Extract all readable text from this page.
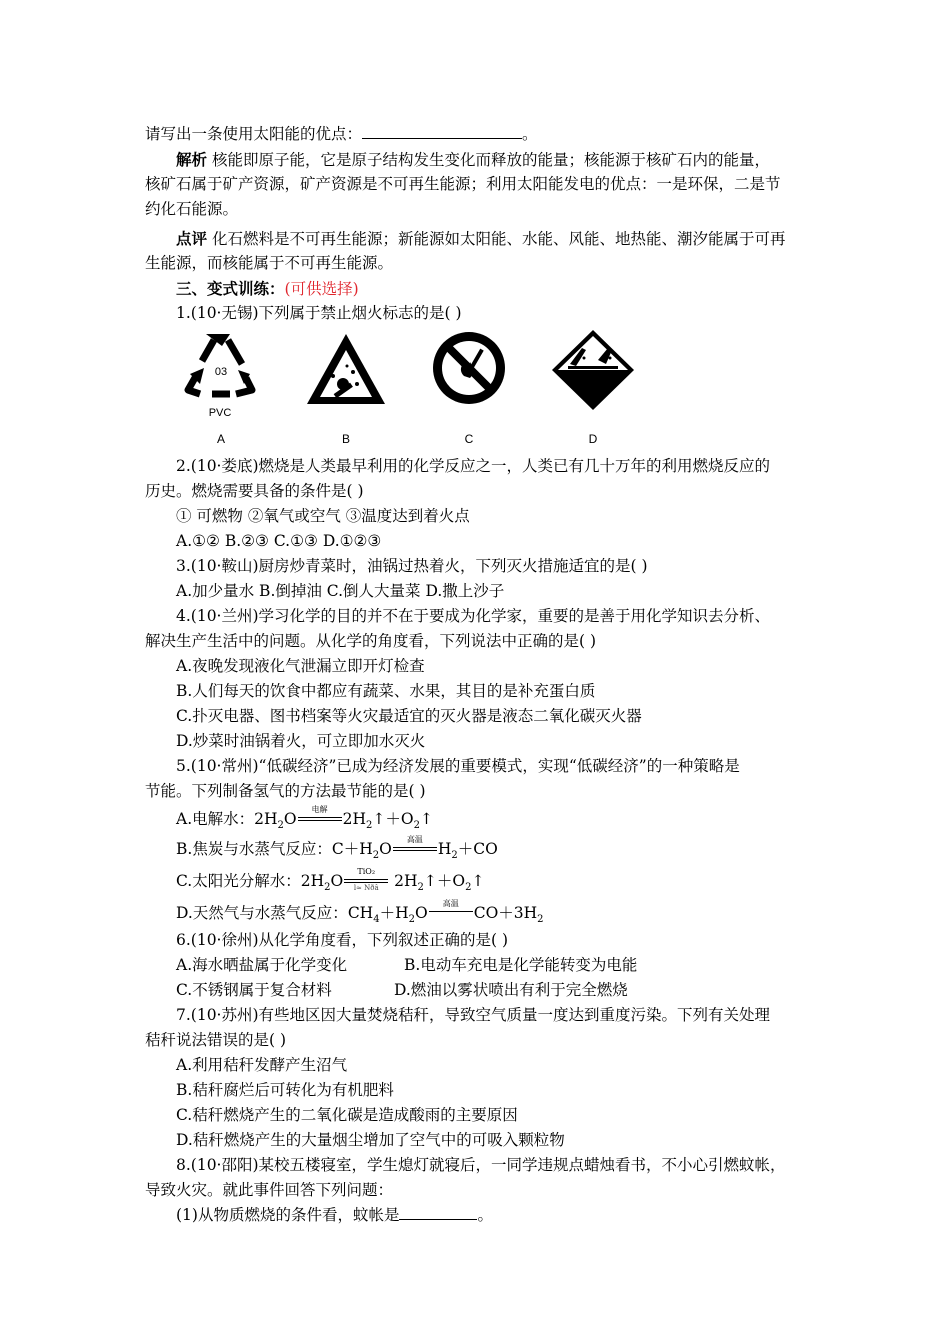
请写出一条使用太阳能的优点：	。
解析 核能即原子能，它是原子结构发生变化而释放的能量；核能源于核矿石内的能量，
核矿石属于矿产资源，矿产资源是不可再生能源；利用太阳能发电的优点：一是环保，二是节
约化石能源。
点评 化石燃料是不可再生能源；新能源如太阳能、水能、风能、地热能、潮汐能属于可再
生能源，而核能属于不可再生能源。
三、变式训练：(可供选择)
1.(10·无锡)下列属于禁止烟火标志的是( )
03
PVC
A	B	C	D
2.(10·娄底)燃烧是人类最早利用的化学反应之一，人类已有几十万年的利用燃烧反应的
历史。燃烧需要具备的条件是( )
① 可燃物 ②氧气或空气 ③温度达到着火点
A.①② B.②③ C.①③ D.①②③
3.(10·鞍山)厨房炒青菜时，油锅过热着火，下列灭火措施适宜的是( )
A.加少量水 B.倒掉油 C.倒人大量菜 D.撒上沙子
4.(10·兰州)学习化学的目的并不在于要成为化学家，重要的是善于用化学知识去分析、
解决生产生活中的问题。从化学的角度看，下列说法中正确的是( )
A.夜晚发现液化气泄漏立即开灯检查
B.人们每天的饮食中都应有蔬菜、水果，其目的是补充蛋白质
C.扑灭电器、图书档案等火灾最适宜的灭火器是液态二氧化碳灭火器
D.炒菜时油锅着火，可立即加水灭火
5.(10·常州)“低碳经济”已成为经济发展的重要模式，实现“低碳经济”的一种策略是
节能。下列制备氢气的方法最节能的是( )
A.电解水：$2H_2O$
电解
$2H_2↑+O_2↑$
B.焦炭与水蒸气反应：$C+H_2O$
高温
$H_2+CO$
C.太阳光分解水：$2H_2O$
TiO₂
l≈ Nðâ $2H_2↑+O_2↑$
D.天然气与水蒸气反应：$CH_4+H_2O$
高温
$CO+3H_2$
6.(10·徐州)从化学角度看，下列叙述正确的是( )
A.海水晒盐属于化学变化	B.电动车充电是化学能转变为电能
C.不锈钢属于复合材料	D.燃油以雾状喷出有利于完全燃烧
7.(10·苏州)有些地区因大量焚烧秸秆，导致空气质量一度达到重度污染。下列有关处理
秸秆说法错误的是( )
A.利用秸秆发酵产生沼气
B.秸秆腐烂后可转化为有机肥料
C.秸秆燃烧产生的二氧化碳是造成酸雨的主要原因
D.秸秆燃烧产生的大量烟尘增加了空气中的可吸入颗粒物
8.(10·邵阳)某校五楼寝室，学生熄灯就寝后，一同学违规点蜡烛看书，不小心引燃蚊帐，
导致火灾。就此事件回答下列问题：
(1)从物质燃烧的条件看，蚊帐是	。
